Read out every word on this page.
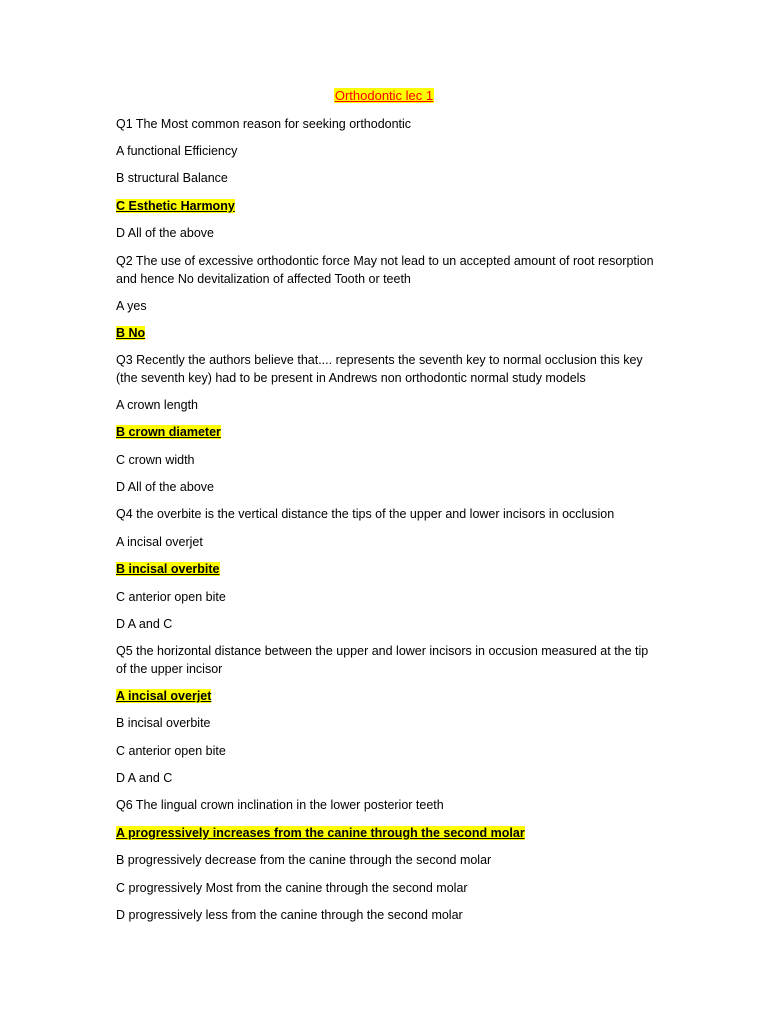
Orthodontic lec 1
Q1 The Most common reason for seeking orthodontic
A functional Efficiency
B structural Balance
C Esthetic Harmony
D All of the above
Q2 The use of excessive orthodontic force May not lead to un accepted amount of root resorption and hence No devitalization of affected Tooth or teeth
A yes
B No
Q3 Recently the authors believe that.... represents the seventh key to normal occlusion this key (the seventh key) had to be present in Andrews non orthodontic normal study models
A crown length
B crown diameter
C crown width
D All of the above
Q4 the overbite is the vertical distance the tips of the upper and lower incisors in occlusion
A incisal overjet
B incisal overbite
C anterior open bite
D A and C
Q5 the horizontal distance between the upper and lower incisors in occusion measured at the tip of the upper incisor
A incisal overjet
B incisal overbite
C anterior open bite
D A and C
Q6 The lingual crown inclination in the lower posterior teeth
A progressively increases from the canine through the second molar
B progressively decrease from the canine through the second molar
C progressively Most from the canine through the second molar
D progressively less from the canine through the second molar
